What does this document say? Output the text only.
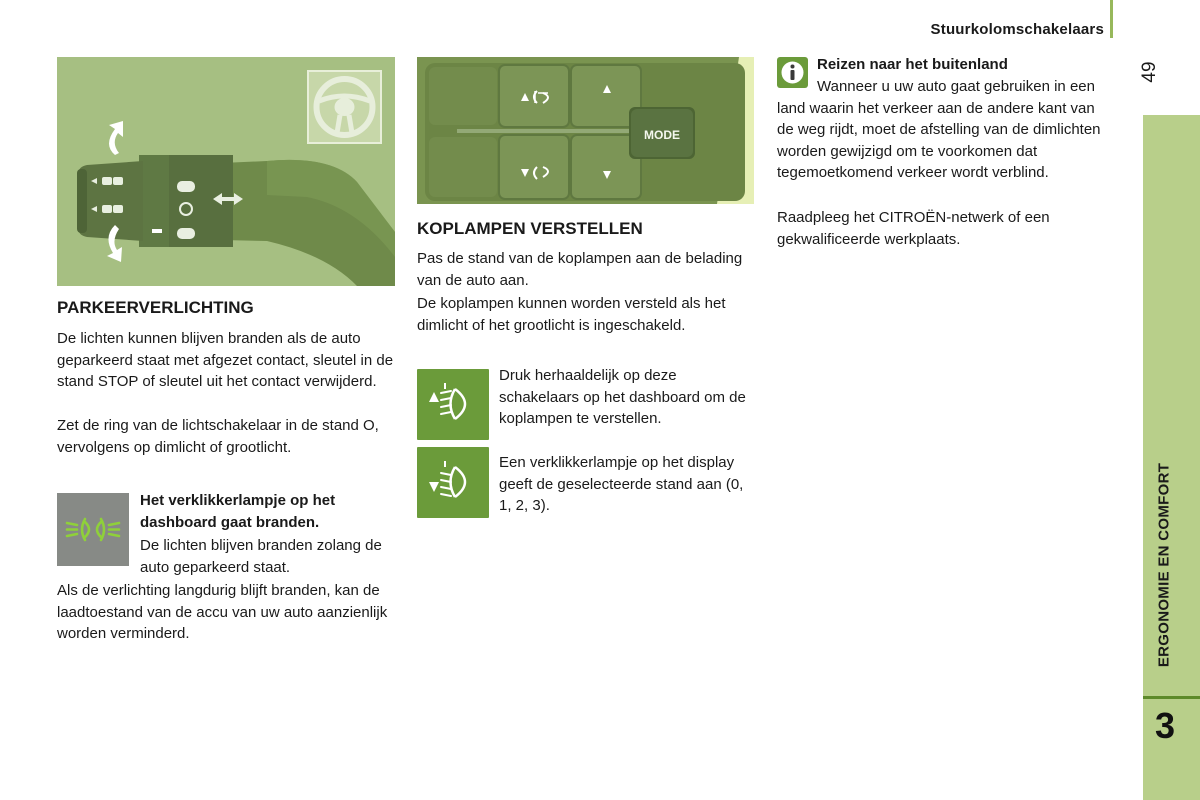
Stuurkolomschakelaars
49
ERGONOMIE EN COMFORT
3
PARKEERVERLICHTING
De lichten kunnen blijven branden als de auto geparkeerd staat met afgezet contact, sleutel in de stand STOP of sleutel uit het contact verwijderd.
Zet de ring van de lichtschakelaar in de stand O, vervolgens op dimlicht of grootlicht.
Het verklikkerlampje op het dashboard gaat branden.
De lichten blijven branden zolang de auto geparkeerd staat.
Als de verlichting langdurig blijft branden, kan de laadtoestand van de accu van uw auto aanzienlijk worden verminderd.
MODE
KOPLAMPEN VERSTELLEN
Pas de stand van de koplampen aan de belading van de auto aan.
De koplampen kunnen worden versteld als het dimlicht of het grootlicht is ingeschakeld.
Druk herhaaldelijk op deze schakelaars op het dashboard om de koplampen te verstellen.
Een verklikkerlampje op het display geeft de geselecteerde stand aan (0, 1, 2, 3).
Reizen naar het buitenland
Wanneer u uw auto gaat gebruiken in een land waarin het verkeer aan de andere kant van de weg rijdt, moet de afstelling van de dimlichten worden gewijzigd om te voorkomen dat tegemoetkomend verkeer wordt verblind.
Raadpleeg het CITROËN-netwerk of een gekwalificeerde werkplaats.
